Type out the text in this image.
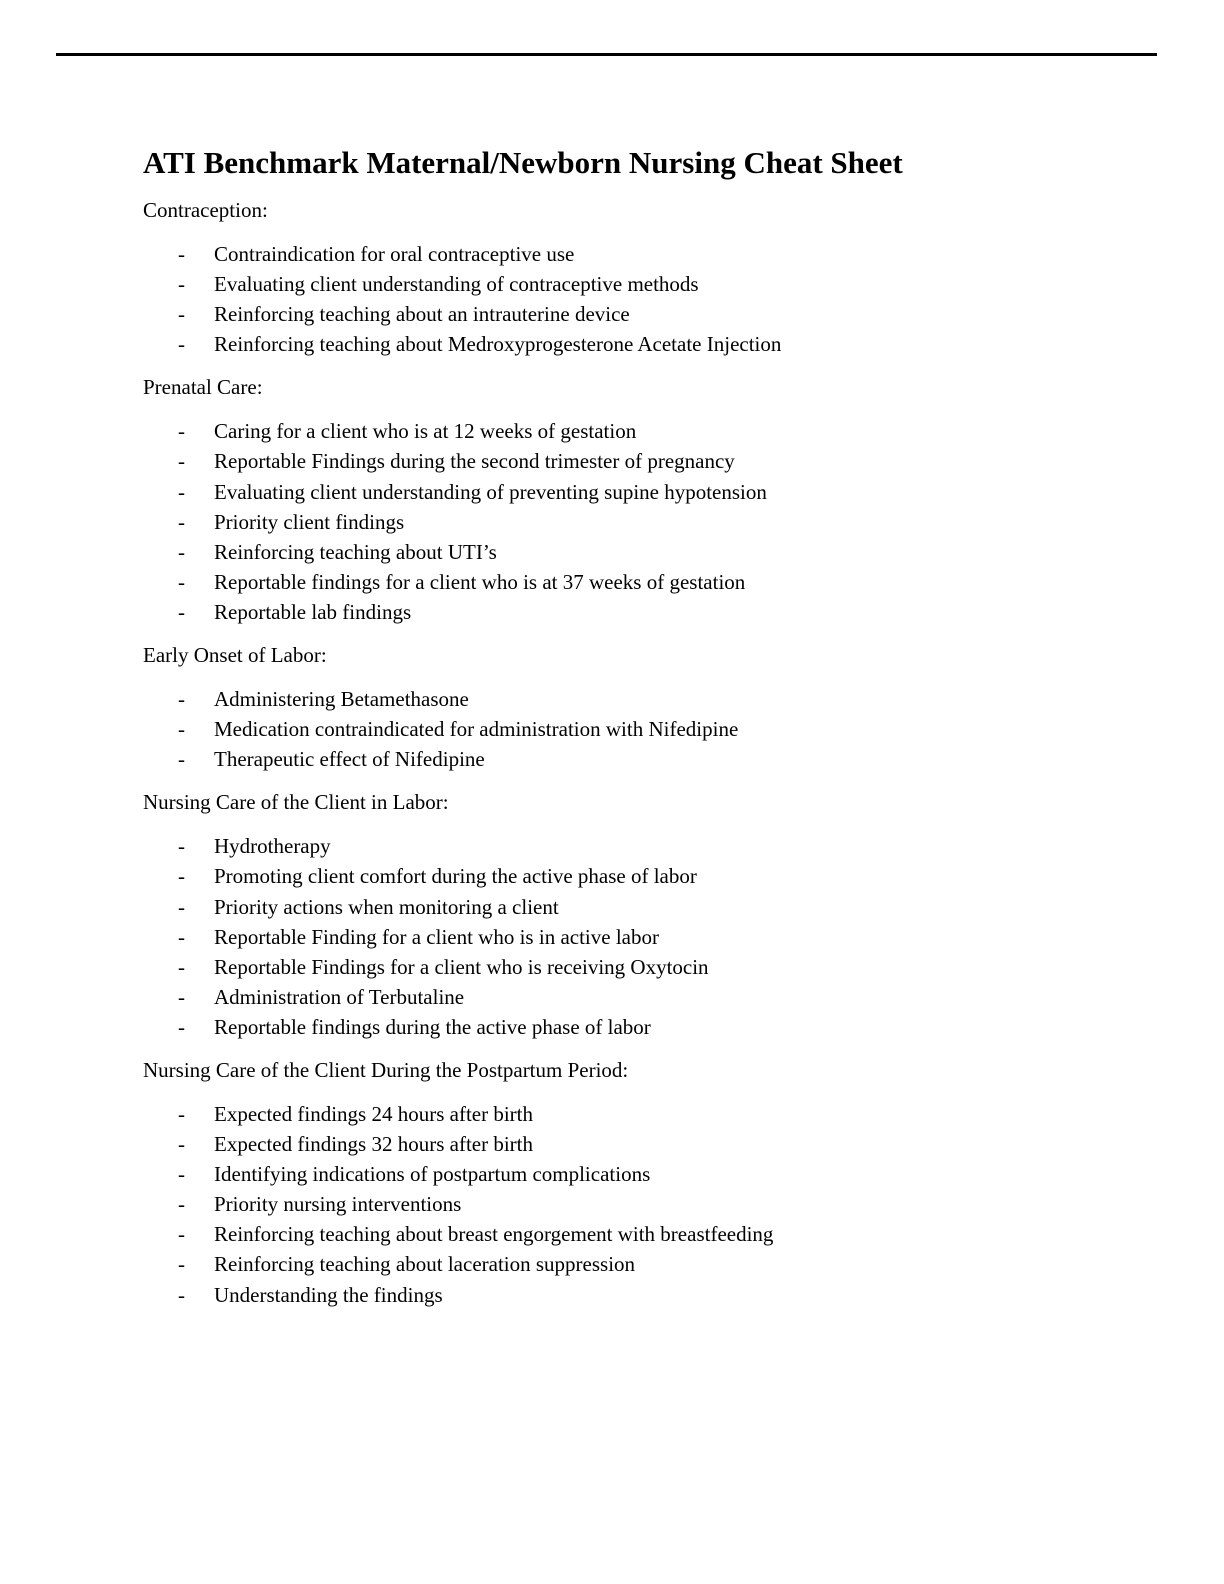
ATI Benchmark Maternal/Newborn Nursing Cheat Sheet

Contraception:

- Contraindication for oral contraceptive use
- Evaluating client understanding of contraceptive methods
- Reinforcing teaching about an intrauterine device
- Reinforcing teaching about Medroxyprogesterone Acetate Injection

Prenatal Care:

- Caring for a client who is at 12 weeks of gestation
- Reportable Findings during the second trimester of pregnancy
- Evaluating client understanding of preventing supine hypotension
- Priority client findings
- Reinforcing teaching about UTI’s
- Reportable findings for a client who is at 37 weeks of gestation
- Reportable lab findings

Early Onset of Labor:

- Administering Betamethasone
- Medication contraindicated for administration with Nifedipine
- Therapeutic effect of Nifedipine

Nursing Care of the Client in Labor:

- Hydrotherapy
- Promoting client comfort during the active phase of labor
- Priority actions when monitoring a client
- Reportable Finding for a client who is in active labor
- Reportable Findings for a client who is receiving Oxytocin
- Administration of Terbutaline
- Reportable findings during the active phase of labor

Nursing Care of the Client During the Postpartum Period:

- Expected findings 24 hours after birth
- Expected findings 32 hours after birth
- Identifying indications of postpartum complications
- Priority nursing interventions
- Reinforcing teaching about breast engorgement with breastfeeding
- Reinforcing teaching about laceration suppression
- Understanding the findings
